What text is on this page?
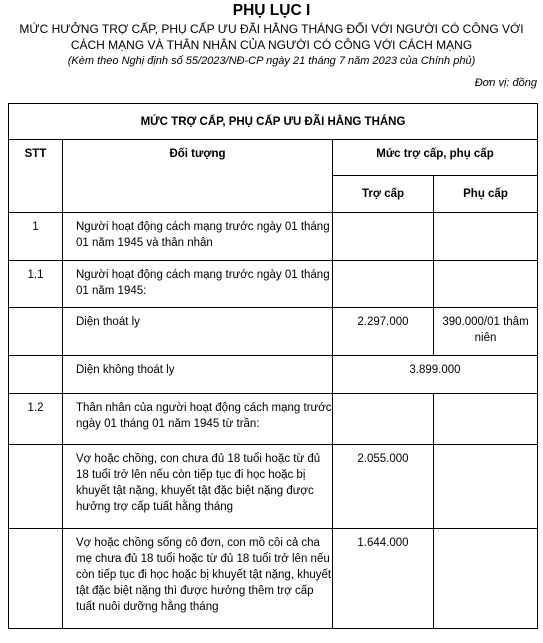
PHỤ LỤC I
MỨC HƯỞNG TRỢ CẤP, PHỤ CẤP ƯU ĐÃI HẰNG THÁNG ĐỐI VỚI NGƯỜI CÓ CÔNG VỚI
CÁCH MẠNG VÀ THÂN NHÂN CỦA NGƯỜI CÓ CÔNG VỚI CÁCH MẠNG
(Kèm theo Nghị định số 55/2023/NĐ-CP ngày 21 tháng 7 năm 2023 của Chính phủ)
Đơn vị: đồng
MỨC TRỢ CẤP, PHỤ CẤP ƯU ĐÃI HẰNG THÁNG			
STT	Đối tượng	Mức trợ cấp, phụ cấp	
		Trợ cấp	Phụ cấp
1	Người hoạt động cách mạng trước ngày 01 tháng 01 năm 1945 và thân nhân		
1.1	Người hoạt động cách mạng trước ngày 01 tháng 01 năm 1945:		
	Diện thoát ly	2.297.000	390.000/01 thâm niên
	Diện không thoát ly	3.899.000	
1.2	Thân nhân của người hoạt động cách mạng trước ngày 01 tháng 01 năm 1945 từ trần:		
	Vợ hoặc chồng, con chưa đủ 18 tuổi hoặc từ đủ 18 tuổi trở lên nếu còn tiếp tục đi học hoặc bị khuyết tật nặng, khuyết tật đặc biệt nặng được hưởng trợ cấp tuất hằng tháng	2.055.000	
	Vợ hoặc chồng sống cô đơn, con mồ côi cả cha mẹ chưa đủ 18 tuổi hoặc từ đủ 18 tuổi trở lên nếu còn tiếp tục đi học hoặc bị khuyết tật nặng, khuyết tật đặc biệt nặng thì được hưởng thêm trợ cấp tuất nuôi dưỡng hằng tháng	1.644.000	
